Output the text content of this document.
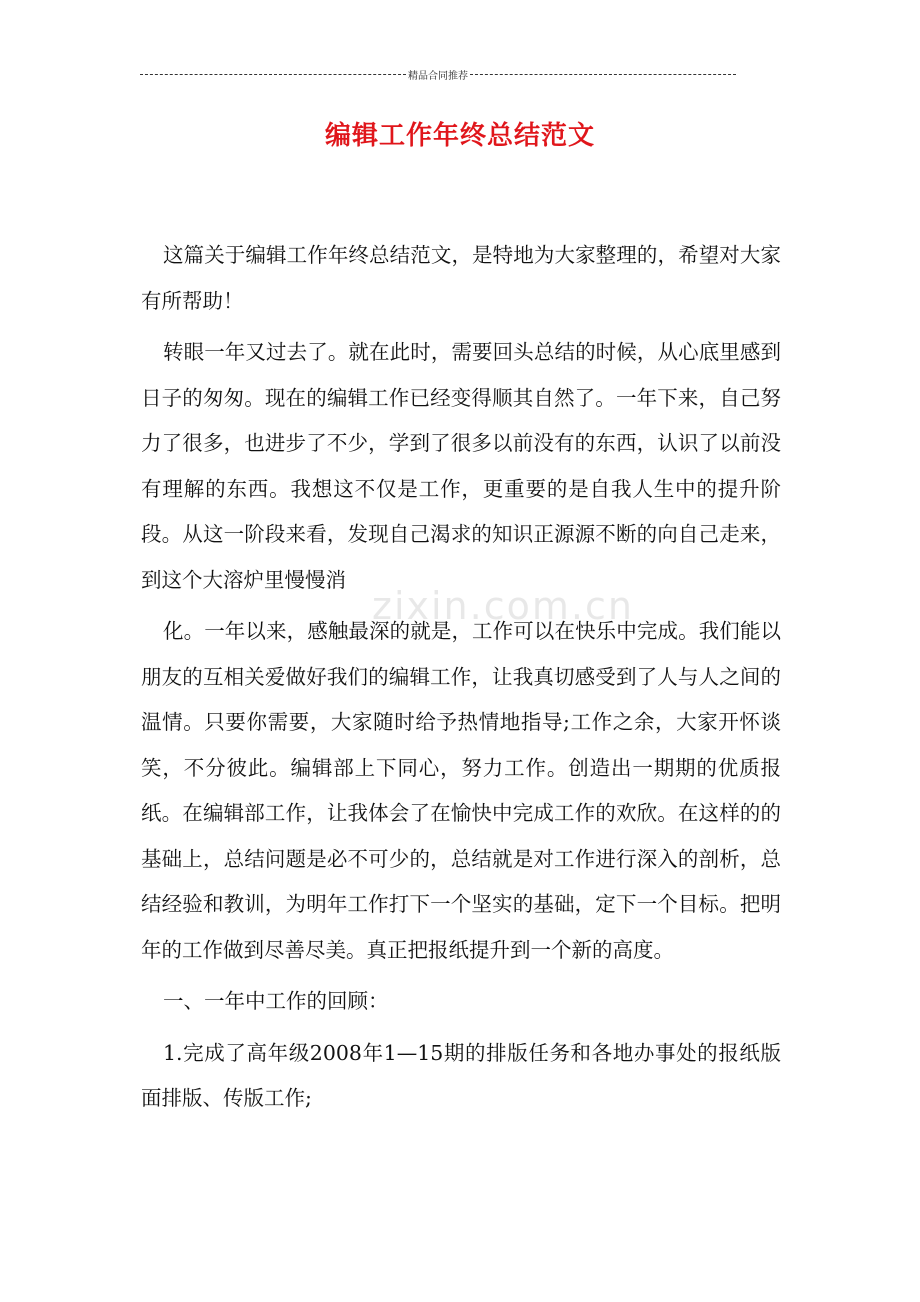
精品合同推荐
编辑工作年终总结范文
zixin.com.cn

这篇关于编辑工作年终总结范文，是特地为大家整理的，希望对大家有所帮助！

转眼一年又过去了。就在此时，需要回头总结的时候，从心底里感到日子的匆匆。现在的编辑工作已经变得顺其自然了。一年下来，自己努力了很多，也进步了不少，学到了很多以前没有的东西，认识了以前没有理解的东西。我想这不仅是工作，更重要的是自我人生中的提升阶段。从这一阶段来看，发现自己渴求的知识正源源不断的向自己走来，到这个大溶炉里慢慢消

化。一年以来，感触最深的就是，工作可以在快乐中完成。我们能以朋友的互相关爱做好我们的编辑工作，让我真切感受到了人与人之间的温情。只要你需要，大家随时给予热情地指导;工作之余，大家开怀谈笑，不分彼此。编辑部上下同心，努力工作。创造出一期期的优质报纸。在编辑部工作，让我体会了在愉快中完成工作的欢欣。在这样的的基础上，总结问题是必不可少的，总结就是对工作进行深入的剖析，总结经验和教训，为明年工作打下一个坚实的基础，定下一个目标。把明年的工作做到尽善尽美。真正把报纸提升到一个新的高度。

一、一年中工作的回顾：

1.完成了高年级2008年1—15期的排版任务和各地办事处的报纸版面排版、传版工作;
